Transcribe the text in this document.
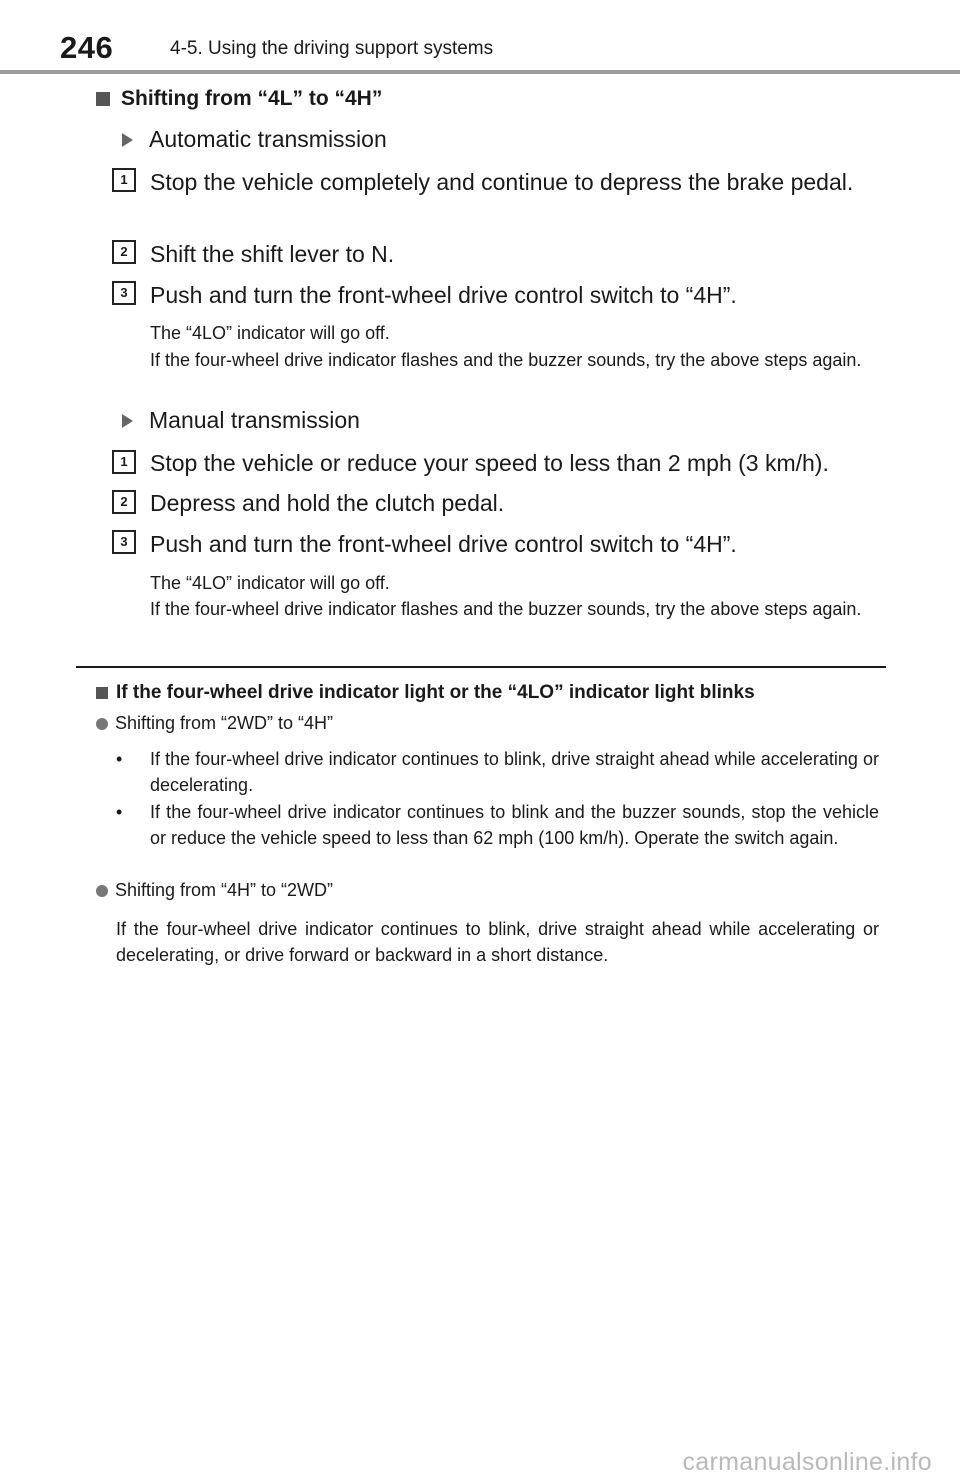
246	4-5. Using the driving support systems
Shifting from “4L” to “4H”
Automatic transmission
1 Stop the vehicle completely and continue to depress the brake pedal.
2 Shift the shift lever to N.
3 Push and turn the front-wheel drive control switch to “4H”.
The “4LO” indicator will go off.
If the four-wheel drive indicator flashes and the buzzer sounds, try the above steps again.
Manual transmission
1 Stop the vehicle or reduce your speed to less than 2 mph (3 km/h).
2 Depress and hold the clutch pedal.
3 Push and turn the front-wheel drive control switch to “4H”.
The “4LO” indicator will go off.
If the four-wheel drive indicator flashes and the buzzer sounds, try the above steps again.
If the four-wheel drive indicator light or the “4LO” indicator light blinks
Shifting from “2WD” to “4H”
• If the four-wheel drive indicator continues to blink, drive straight ahead while accelerating or decelerating.
• If the four-wheel drive indicator continues to blink and the buzzer sounds, stop the vehicle or reduce the vehicle speed to less than 62 mph (100 km/h). Operate the switch again.
Shifting from “4H” to “2WD”
If the four-wheel drive indicator continues to blink, drive straight ahead while accelerating or decelerating, or drive forward or backward in a short distance.
carmanualsonline.info
